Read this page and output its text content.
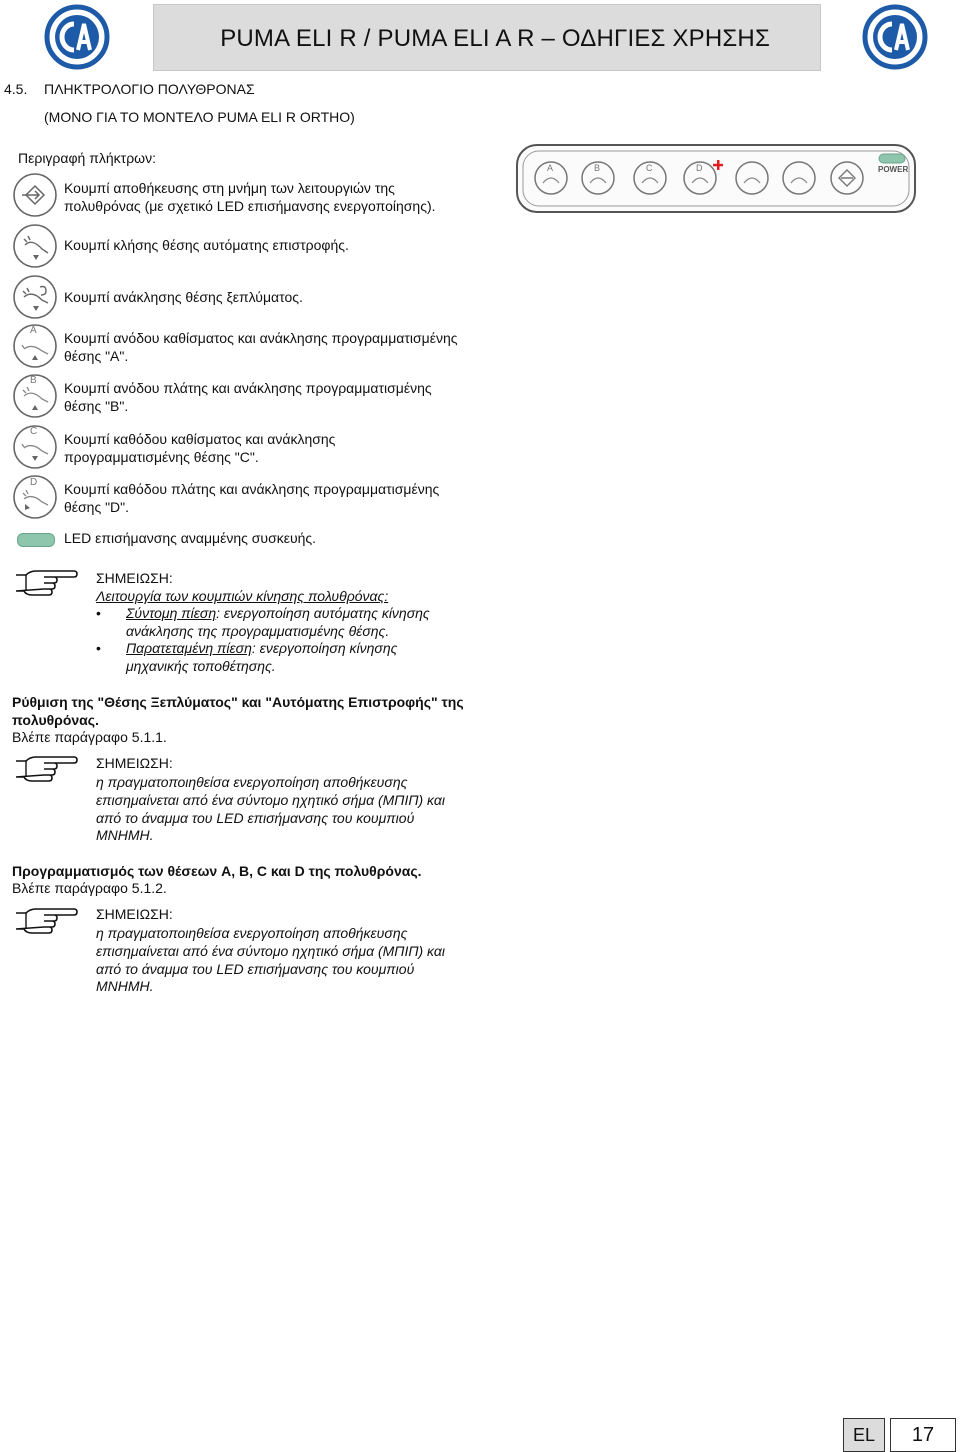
PUMA ELI R / PUMA ELI A R – ΟΔΗΓΙΕΣ ΧΡΗΣΗΣ
4.5. ΠΛΗΚΤΡΟΛΟΓΙΟ ΠΟΛΥΘΡΟΝΑΣ
(ΜΟΝΟ ΓΙΑ ΤΟ ΜΟΝΤΕΛΟ PUMA ELI R ORTHO)
Περιγραφή πλήκτρων:
A	B	C	D	POWER
Κουμπί αποθήκευσης στη μνήμη των λειτουργιών της
πολυθρόνας (με σχετικό LED επισήμανσης ενεργοποίησης).
Κουμπί κλήσης θέσης αυτόματης επιστροφής.
Κουμπί ανάκλησης θέσης ξεπλύματος.
A Κουμπί ανόδου καθίσματος και ανάκλησης προγραμματισμένης
θέσης "Α".
B Κουμπί ανόδου πλάτης και ανάκλησης προγραμματισμένης
θέσης "Β".
C Κουμπί καθόδου καθίσματος και ανάκλησης
προγραμματισμένης θέσης "C".
D Κουμπί καθόδου πλάτης και ανάκλησης προγραμματισμένης
θέσης "D".
LED επισήμανσης αναμμένης συσκευής.
ΣΗΜΕΙΩΣΗ:
Λειτουργία των κουμπιών κίνησης πολυθρόνας:
• Σύντομη πίεση: ενεργοποίηση αυτόματης κίνησης
ανάκλησης της προγραμματισμένης θέσης.
• Παρατεταμένη πίεση: ενεργοποίηση κίνησης
μηχανικής τοποθέτησης.
Ρύθμιση της "Θέσης Ξεπλύματος" και "Αυτόματης Επιστροφής" της
πολυθρόνας.
Βλέπε παράγραφο 5.1.1.
ΣΗΜΕΙΩΣΗ:
η πραγματοποιηθείσα ενεργοποίηση αποθήκευσης
επισημαίνεται από ένα σύντομο ηχητικό σήμα (ΜΠΙΠ) και
από το άναμμα του LED επισήμανσης του κουμπιού
ΜΝΗΜΗ.
Προγραμματισμός των θέσεων A, B, C και D της πολυθρόνας.
Βλέπε παράγραφο 5.1.2.
ΣΗΜΕΙΩΣΗ:
η πραγματοποιηθείσα ενεργοποίηση αποθήκευσης
επισημαίνεται από ένα σύντομο ηχητικό σήμα (ΜΠΙΠ) και
από το άναμμα του LED επισήμανσης του κουμπιού
ΜΝΗΜΗ.
EL	17
